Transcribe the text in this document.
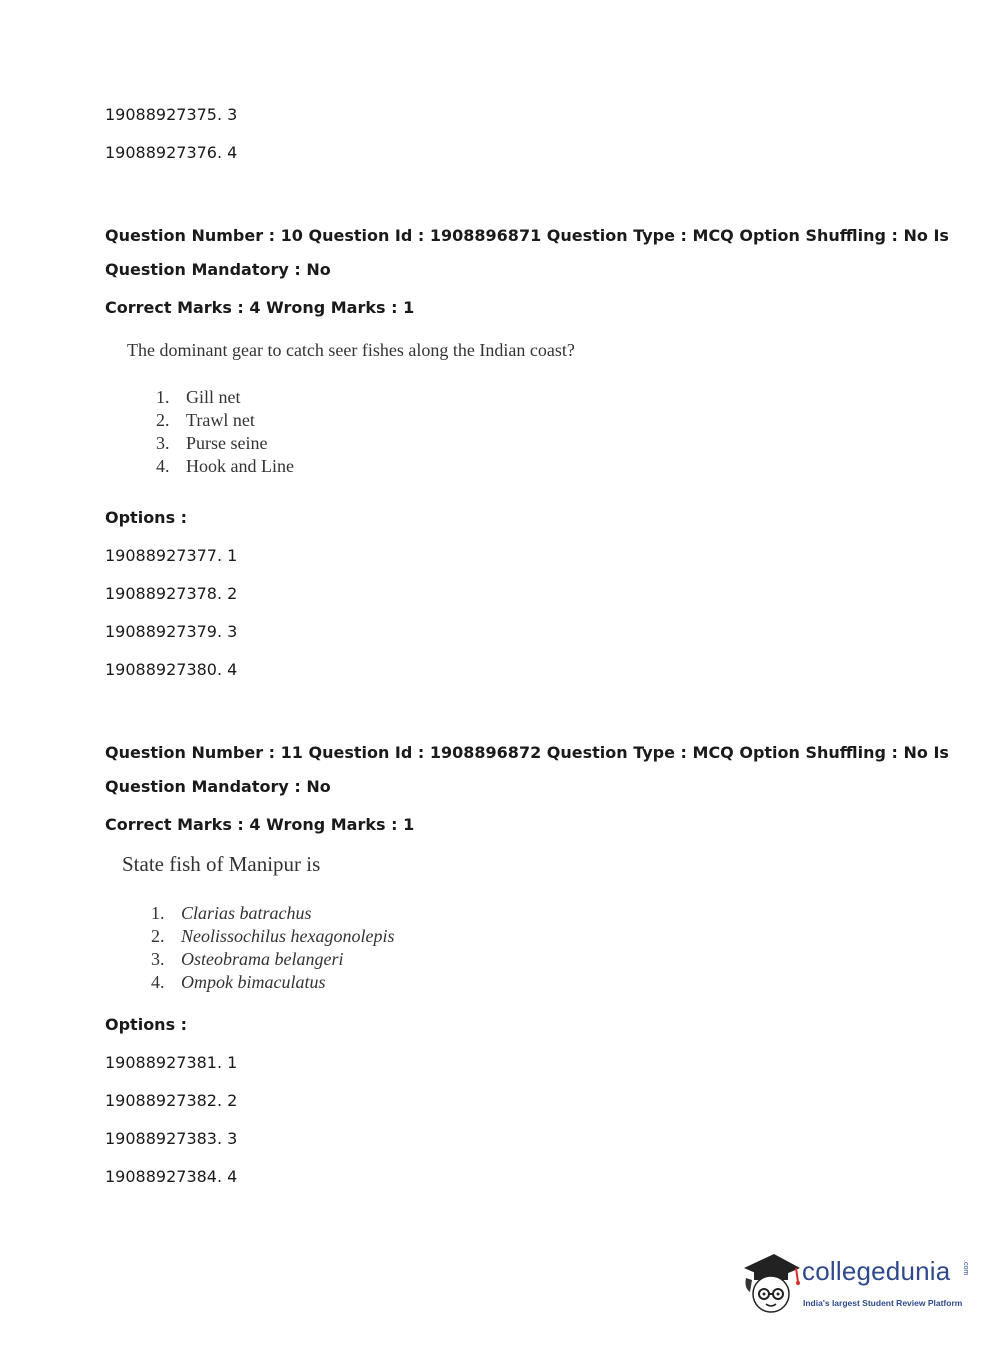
19088927375. 3
19088927376. 4
Question Number : 10 Question Id : 1908896871 Question Type : MCQ Option Shuffling : No Is
Question Mandatory : No
Correct Marks : 4 Wrong Marks : 1
The dominant gear to catch seer fishes along the Indian coast?
1. Gill net
2. Trawl net
3. Purse seine
4. Hook and Line
Options :
19088927377. 1
19088927378. 2
19088927379. 3
19088927380. 4
Question Number : 11 Question Id : 1908896872 Question Type : MCQ Option Shuffling : No Is
Question Mandatory : No
Correct Marks : 4 Wrong Marks : 1
State fish of Manipur is
1. Clarias batrachus
2. Neolissochilus hexagonolepis
3. Osteobrama belangeri
4. Ompok bimaculatus
Options :
19088927381. 1
19088927382. 2
19088927383. 3
19088927384. 4
collegedunia .com
India's largest Student Review Platform
